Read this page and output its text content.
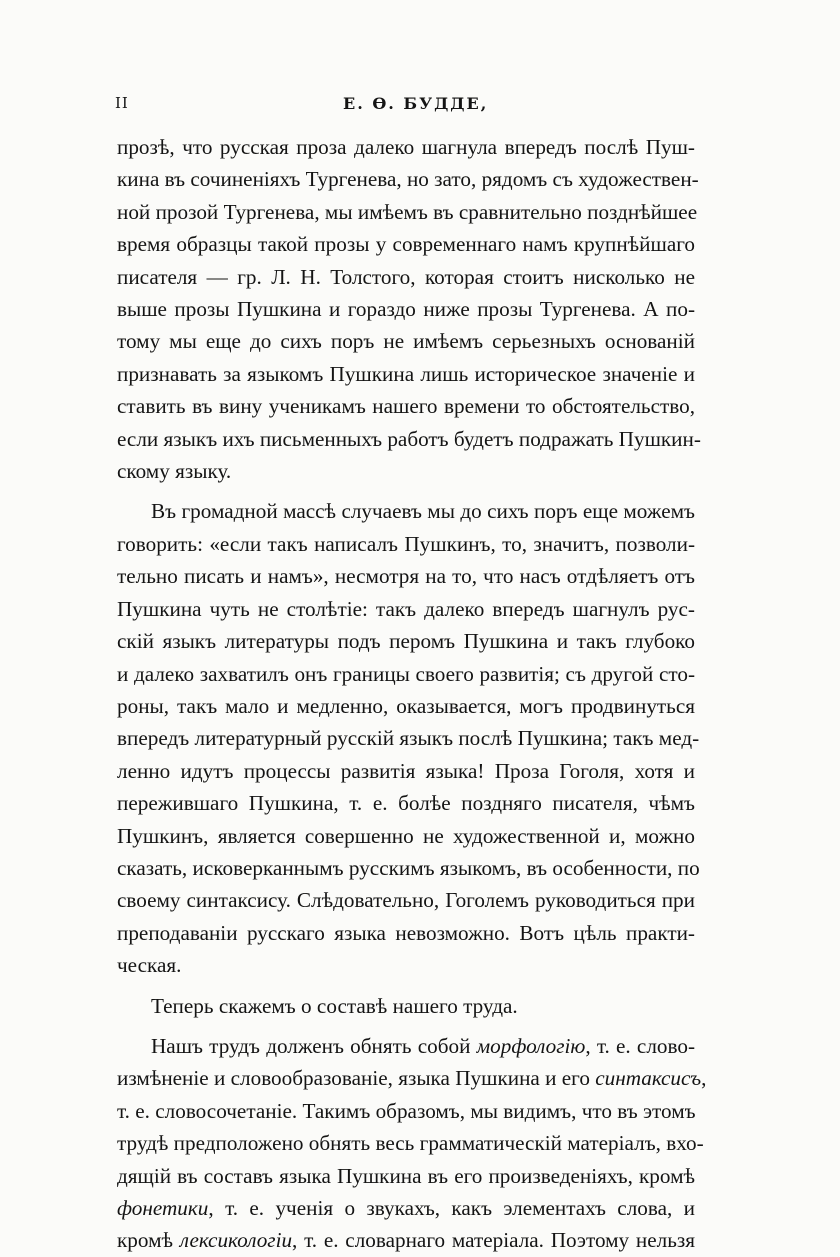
II	Е. Ѳ. БУДДЕ,

прозѣ, что русская проза далеко шагнула впередъ послѣ Пуш-
кина въ сочиненіяхъ Тургенева, но зато, рядомъ съ художествен-
ной прозой Тургенева, мы имѣемъ въ сравнительно позднѣйшее
время образцы такой прозы у современнаго намъ крупнѣйшаго
писателя — гр. Л. Н. Толстого, которая стоитъ нисколько не
выше прозы Пушкина и гораздо ниже прозы Тургенева. А по-
тому мы еще до сихъ поръ не имѣемъ серьезныхъ основаній
признавать за языкомъ Пушкина лишь историческое значеніе и
ставить въ вину ученикамъ нашего времени то обстоятельство,
если языкъ ихъ письменныхъ работъ будетъ подражать Пушкин-
скому языку.

Въ громадной массѣ случаевъ мы до сихъ поръ еще можемъ
говорить: «если такъ написалъ Пушкинъ, то, значитъ, позволи-
тельно писать и намъ», несмотря на то, что насъ отдѣляетъ отъ
Пушкина чуть не столѣтіе: такъ далеко впередъ шагнулъ рус-
скій языкъ литературы подъ перомъ Пушкина и такъ глубоко
и далеко захватилъ онъ границы своего развитія; съ другой сто-
роны, такъ мало и медленно, оказывается, могъ продвинуться
впередъ литературный русскій языкъ послѣ Пушкина; такъ мед-
ленно идутъ процессы развитія языка! Проза Гоголя, хотя и
пережившаго Пушкина, т. е. болѣе поздняго писателя, чѣмъ
Пушкинъ, является совершенно не художественной и, можно
сказать, исковерканнымъ русскимъ языкомъ, въ особенности, по
своему синтаксису. Слѣдовательно, Гоголемъ руководиться при
преподаваніи русскаго языка невозможно. Вотъ цѣль практи-
ческая.

Теперь скажемъ о составѣ нашего труда.

Нашъ трудъ долженъ обнять собой морфологію, т. е. слово-
измѣненіе и словообразованіе, языка Пушкина и его синтаксисъ,
т. е. словосочетаніе. Такимъ образомъ, мы видимъ, что въ этомъ
трудѣ предположено обнять весь грамматическій матеріалъ, вхо-
дящій въ составъ языка Пушкина въ его произведеніяхъ, кромѣ
фонетики, т. е. ученія о звукахъ, какъ элементахъ слова, и
кромѣ лексикологіи, т. е. словарнаго матеріала. Поэтому нельзя
